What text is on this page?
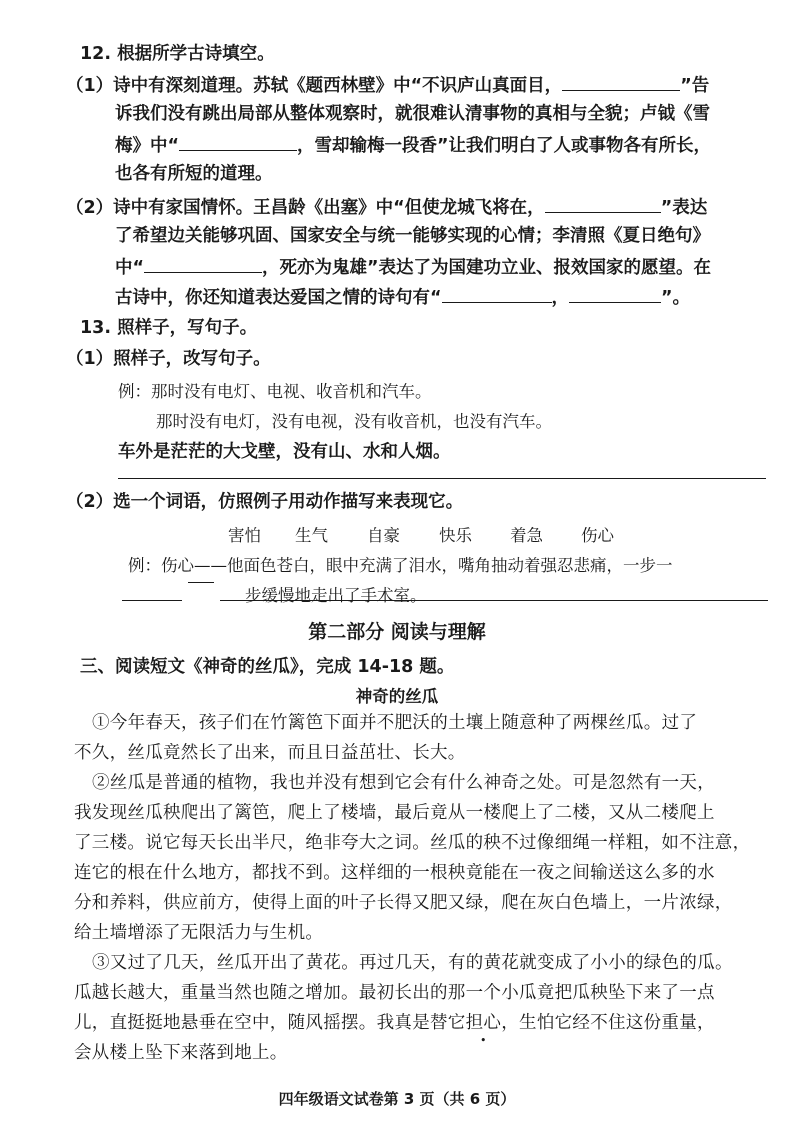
12. 根据所学古诗填空。
（1）诗中有深刻道理。苏轼《题西林壁》中“不识庐山真面目，	”告
诉我们没有跳出局部从整体观察时，就很难认清事物的真相与全貌；卢钺《雪
梅》中“	，雪却输梅一段香”让我们明白了人或事物各有所长，
也各有所短的道理。
（2）诗中有家国情怀。王昌龄《出塞》中“但使龙城飞将在，	”表达
了希望边关能够巩固、国家安全与统一能够实现的心情；李清照《夏日绝句》
中“	，死亦为鬼雄”表达了为国建功立业、报效国家的愿望。在
古诗中，你还知道表达爱国之情的诗句有“	，	”。
13. 照样子，写句子。
（1）照样子，改写句子。
例：那时没有电灯、电视、收音机和汽车。
那时没有电灯，没有电视，没有收音机，也没有汽车。
车外是茫茫的大戈壁，没有山、水和人烟。
（2）选一个词语，仿照例子用动作描写来表现它。
害怕 生气 自豪 快乐 着急 伤心
例：伤心——他面色苍白，眼中充满了泪水，嘴角抽动着强忍悲痛，一步一
步缓慢地走出了手术室。
第二部分 阅读与理解
三、阅读短文《神奇的丝瓜》，完成 14-18 题。
神奇的丝瓜
①今年春天，孩子们在竹篱笆下面并不肥沃的土壤上随意种了两棵丝瓜。过了
不久，丝瓜竟然长了出来，而且日益茁壮、长大。
②丝瓜是普通的植物，我也并没有想到它会有什么神奇之处。可是忽然有一天，
我发现丝瓜秧爬出了篱笆，爬上了楼墙，最后竟从一楼爬上了二楼，又从二楼爬上
了三楼。说它每天长出半尺，绝非夸大之词。丝瓜的秧不过像细绳一样粗，如不注意，
连它的根在什么地方，都找不到。这样细的一根秧竟能在一夜之间输送这么多的水
分和养料，供应前方，使得上面的叶子长得又肥又绿，爬在灰白色墙上，一片浓绿，
给土墙增添了无限活力与生机。
③又过了几天，丝瓜开出了黄花。再过几天，有的黄花就变成了小小的绿色的瓜。
瓜越长越大，重量当然也随之增加。最初长出的那一个小瓜竟把瓜秧坠下来了一点
儿，直挺挺地悬垂在空中，随风摇摆。我真是替它担心，生怕它经不住这份重量，
会从楼上坠下来落到地上。
四年级语文试卷第 3 页（共 6 页）
